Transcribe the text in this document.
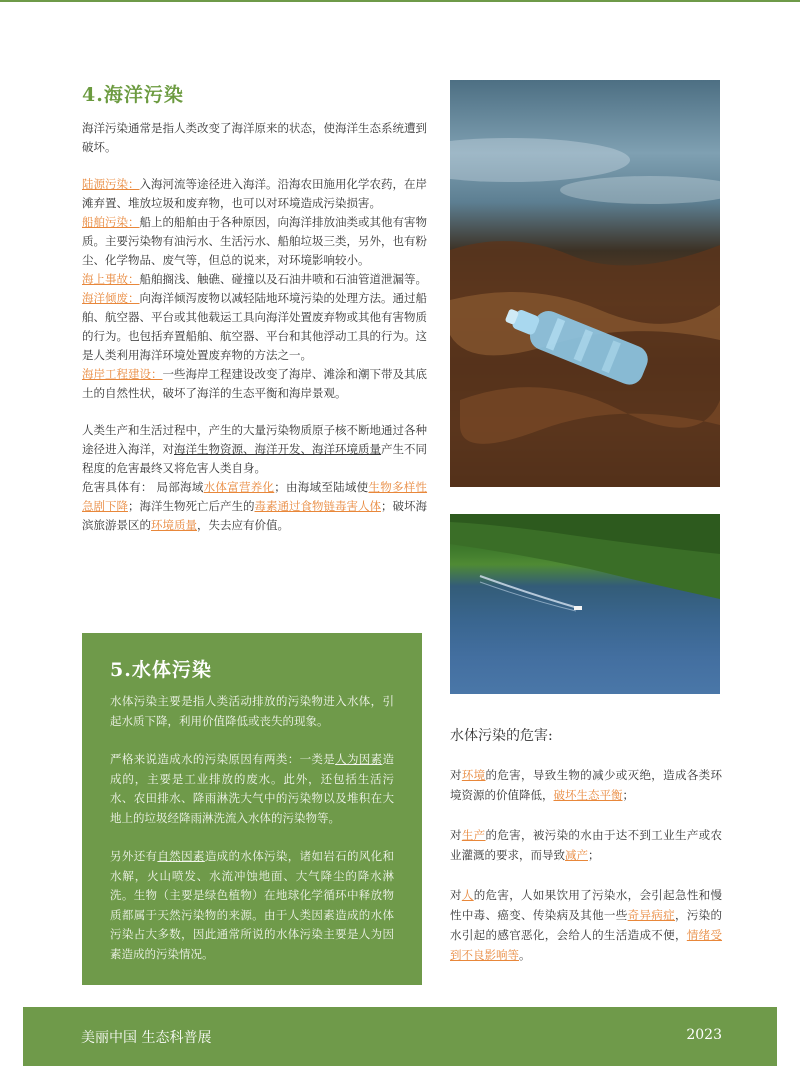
4.海洋污染

海洋污染通常是指人类改变了海洋原来的状态，使海洋生态系统遭到破坏。

陆源污染：入海河流等途径进入海洋。沿海农田施用化学农药，在岸滩弃置、堆放垃圾和废弃物，也可以对环境造成污染损害。

船舶污染：船上的船舶由于各种原因，向海洋排放油类或其他有害物质。主要污染物有油污水、生活污水、船舶垃圾三类，另外，也有粉尘、化学物品、废气等，但总的说来，对环境影响较小。

海上事故：船舶搁浅、触礁、碰撞以及石油井喷和石油管道泄漏等。

海洋倾废：向海洋倾泻废物以减轻陆地环境污染的处理方法。通过船舶、航空器、平台或其他载运工具向海洋处置废弃物或其他有害物质的行为。也包括弃置船舶、航空器、平台和其他浮动工具的行为。这是人类利用海洋环境处置废弃物的方法之一。

海岸工程建设：一些海岸工程建设改变了海岸、滩涂和潮下带及其底土的自然性状，破坏了海洋的生态平衡和海岸景观。

人类生产和生活过程中，产生的大量污染物质原子核不断地通过各种途径进入海洋，对海洋生物资源、海洋开发、海洋环境质量产生不同程度的危害最终又将危害人类自身。

危害具体有： 局部海域水体富营养化；由海域至陆域使生物多样性急剧下降；海洋生物死亡后产生的毒素通过食物链毒害人体；破坏海滨旅游景区的环境质量，失去应有价值。

5.水体污染

水体污染主要是指人类活动排放的污染物进入水体，引起水质下降，利用价值降低或丧失的现象。

严格来说造成水的污染原因有两类：一类是人为因素造成的，主要是工业排放的废水。此外，还包括生活污水、农田排水、降雨淋洗大气中的污染物以及堆积在大地上的垃圾经降雨淋洗流入水体的污染物等。

另外还有自然因素造成的水体污染，诸如岩石的风化和水解，火山喷发、水流冲蚀地面、大气降尘的降水淋洗。生物（主要是绿色植物）在地球化学循环中释放物质都属于天然污染物的来源。由于人类因素造成的水体污染占大多数，因此通常所说的水体污染主要是人为因素造成的污染情况。

水体污染的危害:

对环境的危害，导致生物的减少或灭绝，造成各类环境资源的价值降低，破坏生态平衡；

对生产的危害，被污染的水由于达不到工业生产或农业灌溉的要求，而导致减产；

对人的危害，人如果饮用了污染水，会引起急性和慢性中毒、癌变、传染病及其他一些奇异病症，污染的水引起的感官恶化，会给人的生活造成不便，情绪受到不良影响等。

美丽中国 生态科普展	2023
